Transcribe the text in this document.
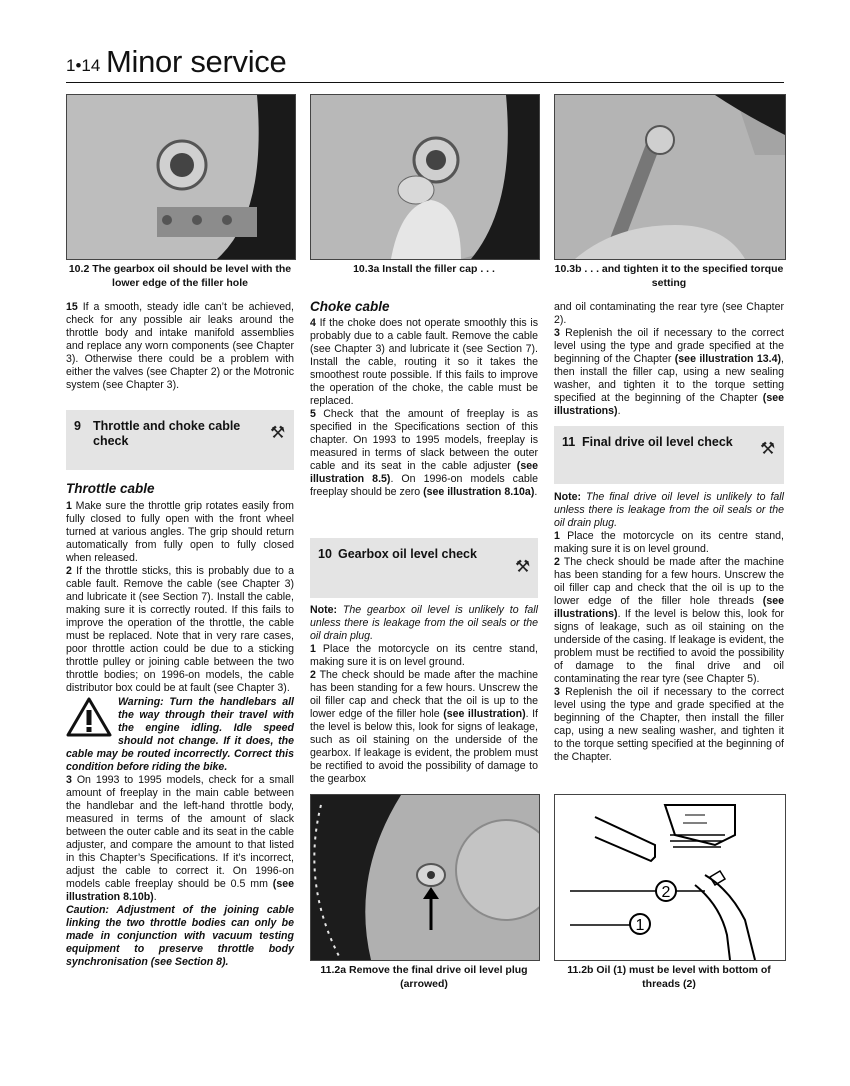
1•14 Minor service
10.2 The gearbox oil should be level with the lower edge of the filler hole
10.3a Install the filler cap . . .	10.3b . . . and tighten it to the specified torque setting

15 If a smooth, steady idle can’t be achieved, check for any possible air leaks around the throttle body and intake manifold assemblies and replace any worn components (see Chapter 3). Otherwise there could be a problem with either the valves (see Chapter 2) or the Motronic system (see Chapter 3).

9 Throttle and choke cable check	⚒

Throttle cable

1 Make sure the throttle grip rotates easily from fully closed to fully open with the front wheel turned at various angles. The grip should return automatically from fully open to fully closed when released.

2 If the throttle sticks, this is probably due to a cable fault. Remove the cable (see Chapter 3) and lubricate it (see Section 7). Install the cable, making sure it is correctly routed. If this fails to improve the operation of the throttle, the cable must be replaced. Note that in very rare cases, poor throttle action could be due to a sticking throttle pulley or joining cable between the two throttle bodies; on 1996-on models, the cable distributor box could be at fault (see Chapter 3).

Warning: Turn the handlebars all the way through their travel with the engine idling. Idle speed should not change. If it does, the cable may be routed incorrectly. Correct this condition before riding the bike.

3 On 1993 to 1995 models, check for a small amount of freeplay in the main cable between the handlebar and the left-hand throttle body, measured in terms of the amount of slack between the outer cable and its seat in the cable adjuster, and compare the amount to that listed in this Chapter’s Specifications. If it’s incorrect, adjust the cable to correct it. On 1996-on models cable freeplay should be 0.5 mm (see illustration 8.10b).

Caution: Adjustment of the joining cable linking the two throttle bodies can only be made in conjunction with vacuum testing equipment to preserve throttle body synchronisation (see Section 8).

Choke cable

4 If the choke does not operate smoothly this is probably due to a cable fault. Remove the cable (see Chapter 3) and lubricate it (see Section 7). Install the cable, routing it so it takes the smoothest route possible. If this fails to improve the operation of the choke, the cable must be replaced.

5 Check that the amount of freeplay is as specified in the Specifications section of this chapter. On 1993 to 1995 models, freeplay is measured in terms of slack between the outer cable and its seat in the cable adjuster (see illustration 8.5). On 1996-on models cable freeplay should be zero (see illustration 8.10a).

10 Gearbox oil level check
⚒

Note: The gearbox oil level is unlikely to fall unless there is leakage from the oil seals or the oil drain plug.

1 Place the motorcycle on its centre stand, making sure it is on level ground.

2 The check should be made after the machine has been standing for a few hours. Unscrew the oil filler cap and check that the oil is up to the lower edge of the filler hole (see illustration). If the level is below this, look for signs of leakage, such as oil staining on the underside of the gearbox. If leakage is evident, the problem must be rectified to avoid the possibility of damage to the gearbox

and oil contaminating the rear tyre (see Chapter 2).

3 Replenish the oil if necessary to the correct level using the type and grade specified at the beginning of the Chapter (see illustration 13.4), then install the filler cap, using a new sealing washer, and tighten it to the torque setting specified at the beginning of the Chapter (see illustrations).

11 Final drive oil level check	⚒

Note: The final drive oil level is unlikely to fall unless there is leakage from the oil seals or the oil drain plug.

1 Place the motorcycle on its centre stand, making sure it is on level ground.

2 The check should be made after the machine has been standing for a few hours. Unscrew the oil filler cap and check that the oil is up to the lower edge of the filler hole threads (see illustrations). If the level is below this, look for signs of leakage, such as oil staining on the underside of the casing. If leakage is evident, the problem must be rectified to avoid the possibility of damage to the final drive and oil contaminating the rear tyre (see Chapter 5).

3 Replenish the oil if necessary to the correct level using the type and grade specified at the beginning of the Chapter, then install the filler cap, using a new sealing washer, and tighten it to the torque setting specified at the beginning of the Chapter.

11.2a Remove the final drive oil level plug (arrowed)
2
1
11.2b Oil (1) must be level with bottom of threads (2)
